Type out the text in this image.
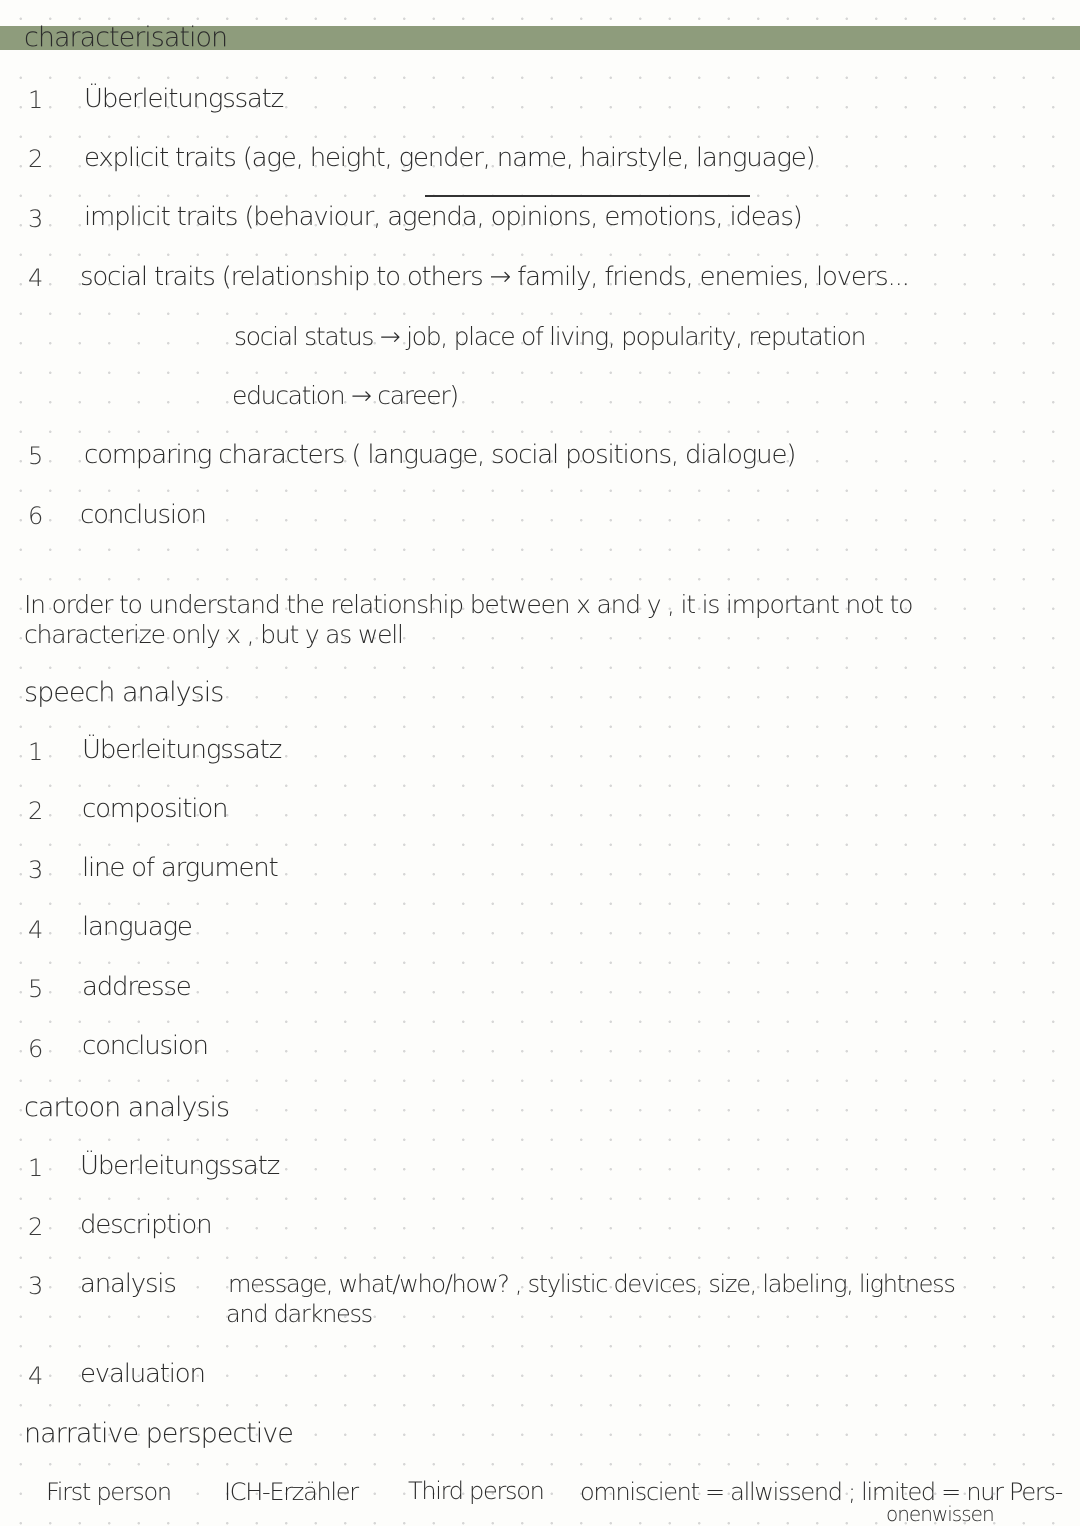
characterisation
1 Überleitungssatz
2 explicit traits (age, height, gender, name, hairstyle, language)
3 implicit traits (behaviour, agenda, opinions, emotions, ideas)
4 social traits (relationship to others → family, friends, enemies, lovers...
social status → job, place of living, popularity, reputation
education → career)
5 comparing characters ( language, social positions, dialogue)
6 conclusion
In order to understand the relationship between x and y , it is important not to characterize only x , but y as well
speech analysis
1 Überleitungssatz
2 composition
3 line of argument
4 language
5 addresse
6 conclusion
cartoon analysis
1 Überleitungssatz
2 description
3 analysis message, what/who/how? , stylistic devices, size, labeling, lightness
and darkness
4 evaluation
narrative perspective
First person ICH-Erzähler Third person omniscient = allwissend ; limited = nur Pers-
onenwissen
